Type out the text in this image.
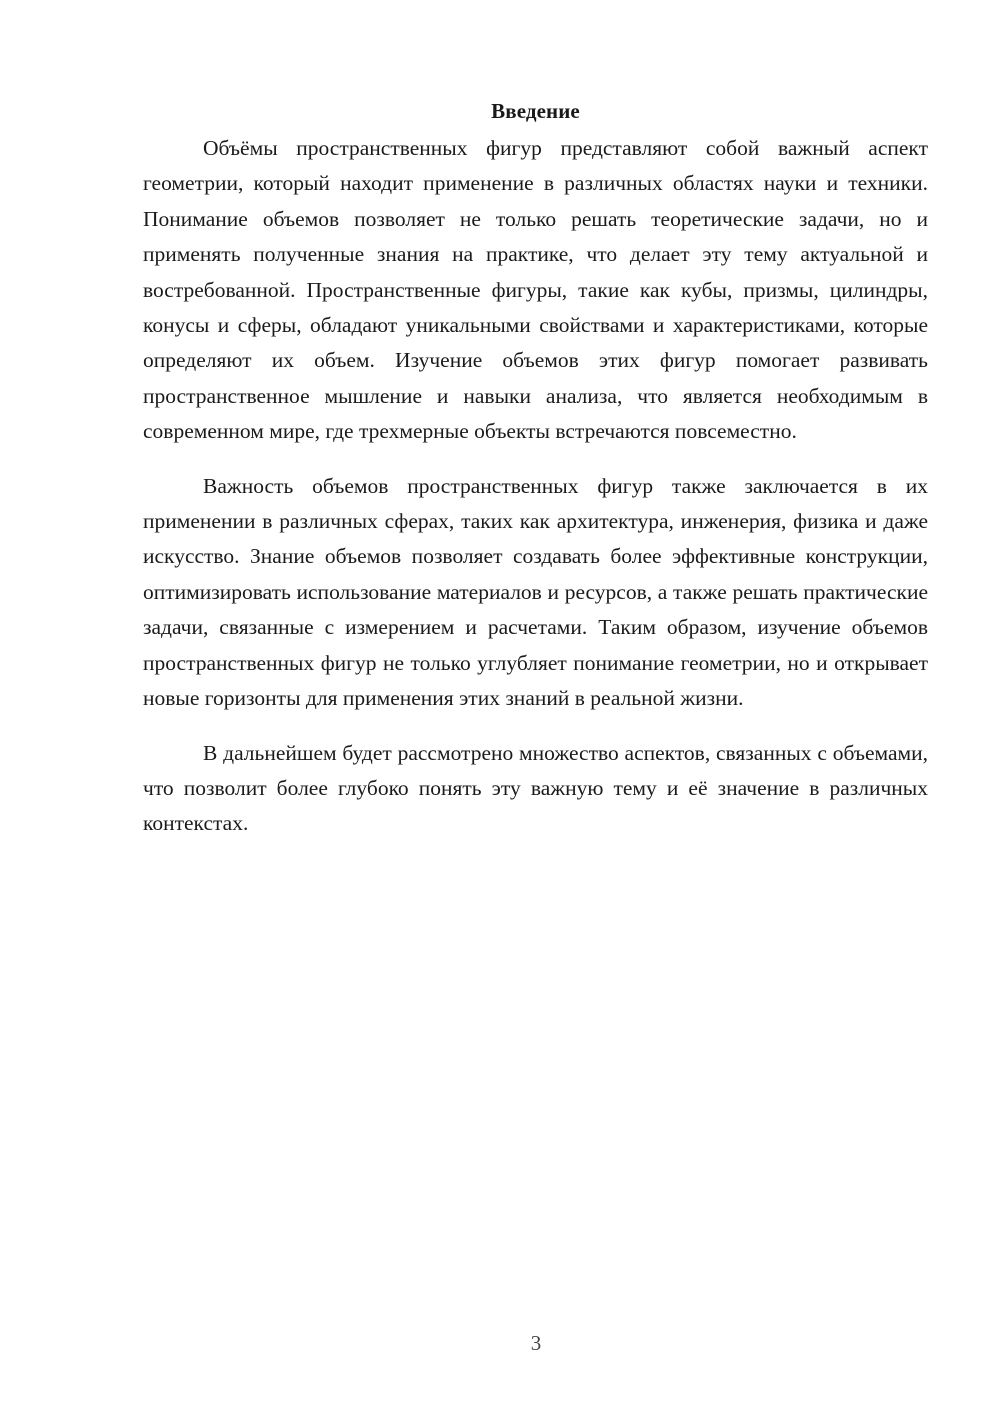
Введение

Объёмы пространственных фигур представляют собой важный аспект геометрии, который находит применение в различных областях науки и техники. Понимание объемов позволяет не только решать теоретические задачи, но и применять полученные знания на практике, что делает эту тему актуальной и востребованной. Пространственные фигуры, такие как кубы, призмы, цилиндры, конусы и сферы, обладают уникальными свойствами и характеристиками, которые определяют их объем. Изучение объемов этих фигур помогает развивать пространственное мышление и навыки анализа, что является необходимым в современном мире, где трехмерные объекты встречаются повсеместно.

Важность объемов пространственных фигур также заключается в их применении в различных сферах, таких как архитектура, инженерия, физика и даже искусство. Знание объемов позволяет создавать более эффективные конструкции, оптимизировать использование материалов и ресурсов, а также решать практические задачи, связанные с измерением и расчетами. Таким образом, изучение объемов пространственных фигур не только углубляет понимание геометрии, но и открывает новые горизонты для применения этих знаний в реальной жизни.

В дальнейшем будет рассмотрено множество аспектов, связанных с объемами, что позволит более глубоко понять эту важную тему и её значение в различных контекстах.

3
